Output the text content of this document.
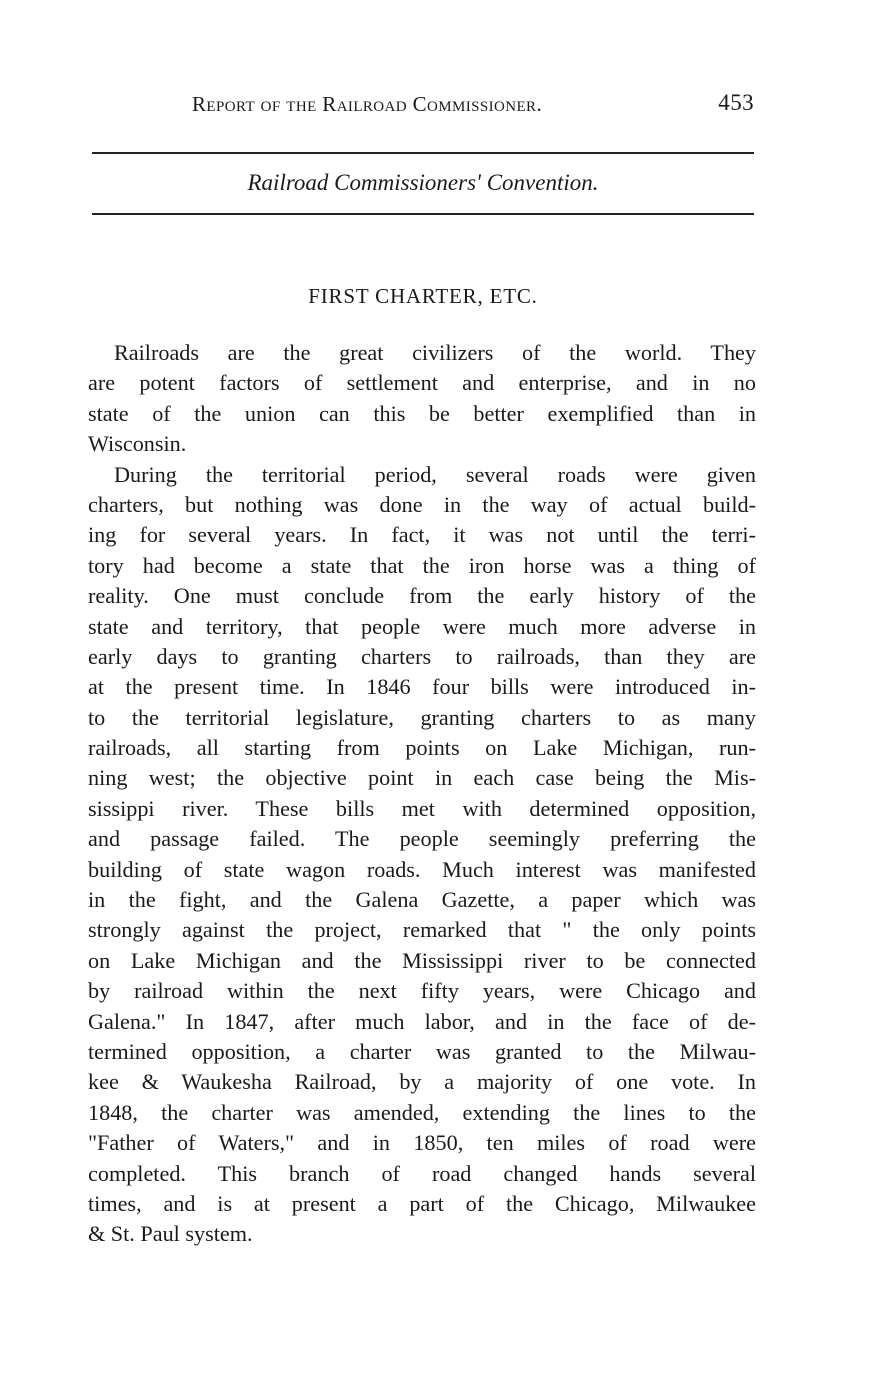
Report of the Railroad Commissioner.	453
Railroad Commissioners' Convention.
FIRST CHARTER, ETC.
Railroads are the great civilizers of the world. They
are potent factors of settlement and enterprise, and in no
state of the union can this be better exemplified than in
Wisconsin.
During the territorial period, several roads were given
charters, but nothing was done in the way of actual build-
ing for several years. In fact, it was not until the terri-
tory had become a state that the iron horse was a thing of
reality. One must conclude from the early history of the
state and territory, that people were much more adverse in
early days to granting charters to railroads, than they are
at the present time. In 1846 four bills were introduced in-
to the territorial legislature, granting charters to as many
railroads, all starting from points on Lake Michigan, run-
ning west; the objective point in each case being the Mis-
sissippi river. These bills met with determined opposition,
and passage failed. The people seemingly preferring the
building of state wagon roads. Much interest was manifested
in the fight, and the Galena Gazette, a paper which was
strongly against the project, remarked that " the only points
on Lake Michigan and the Mississippi river to be connected
by railroad within the next fifty years, were Chicago and
Galena." In 1847, after much labor, and in the face of de-
termined opposition, a charter was granted to the Milwau-
kee & Waukesha Railroad, by a majority of one vote. In
1848, the charter was amended, extending the lines to the
"Father of Waters," and in 1850, ten miles of road were
completed. This branch of road changed hands several
times, and is at present a part of the Chicago, Milwaukee
& St. Paul system.
